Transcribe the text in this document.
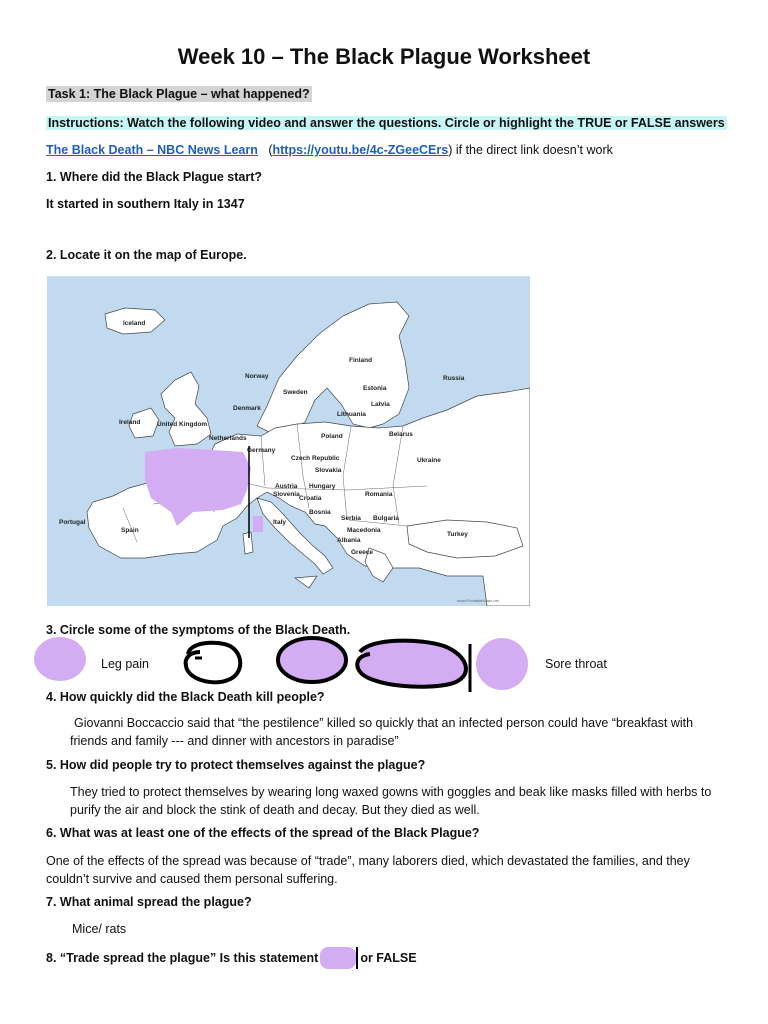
Week 10 – The Black Plague Worksheet
Task 1: The Black Plague – what happened?
Instructions: Watch the following video and answer the questions. Circle or highlight the TRUE or FALSE answers
The Black Death – NBC News Learn (https://youtu.be/4c-ZGeeCErs) if the direct link doesn’t work
1. Where did the Black Plague start?
It started in southern Italy in 1347
2. Locate it on the map of Europe.
Iceland
Finland
Norway
Sweden
Estonia
Russia
Latvia
Denmark
Lithuania
Ireland	United Kingdom
Netherlands	Poland	Belarus
Germany
Czech Republic
Slovakia
Ukraine
Austria Hungary
Slovenia
Croatia
Romania
Bosnia
Serbia Bulgaria
Portugal
Spain
Italy
Macedonia
Albania
Greece
Turkey
www.PrintableMaps.net
3. Circle some of the symptoms of the Black Death.
Leg pain	Sore throat
4. How quickly did the Black Death kill people?
Giovanni Boccaccio said that “the pestilence” killed so quickly that an infected person could have “breakfast with friends and family --- and dinner with ancestors in paradise”
5. How did people try to protect themselves against the plague?
They tried to protect themselves by wearing long waxed gowns with goggles and beak like masks filled with herbs to purify the air and block the stink of death and decay. But they died as well.
6. What was at least one of the effects of the spread of the Black Plague?
One of the effects of the spread was because of “trade”, many laborers died, which devastated the families, and they couldn’t survive and caused them personal suffering.
7. What animal spread the plague?
Mice/ rats
8. “Trade spread the plague” Is this statement	or FALSE
